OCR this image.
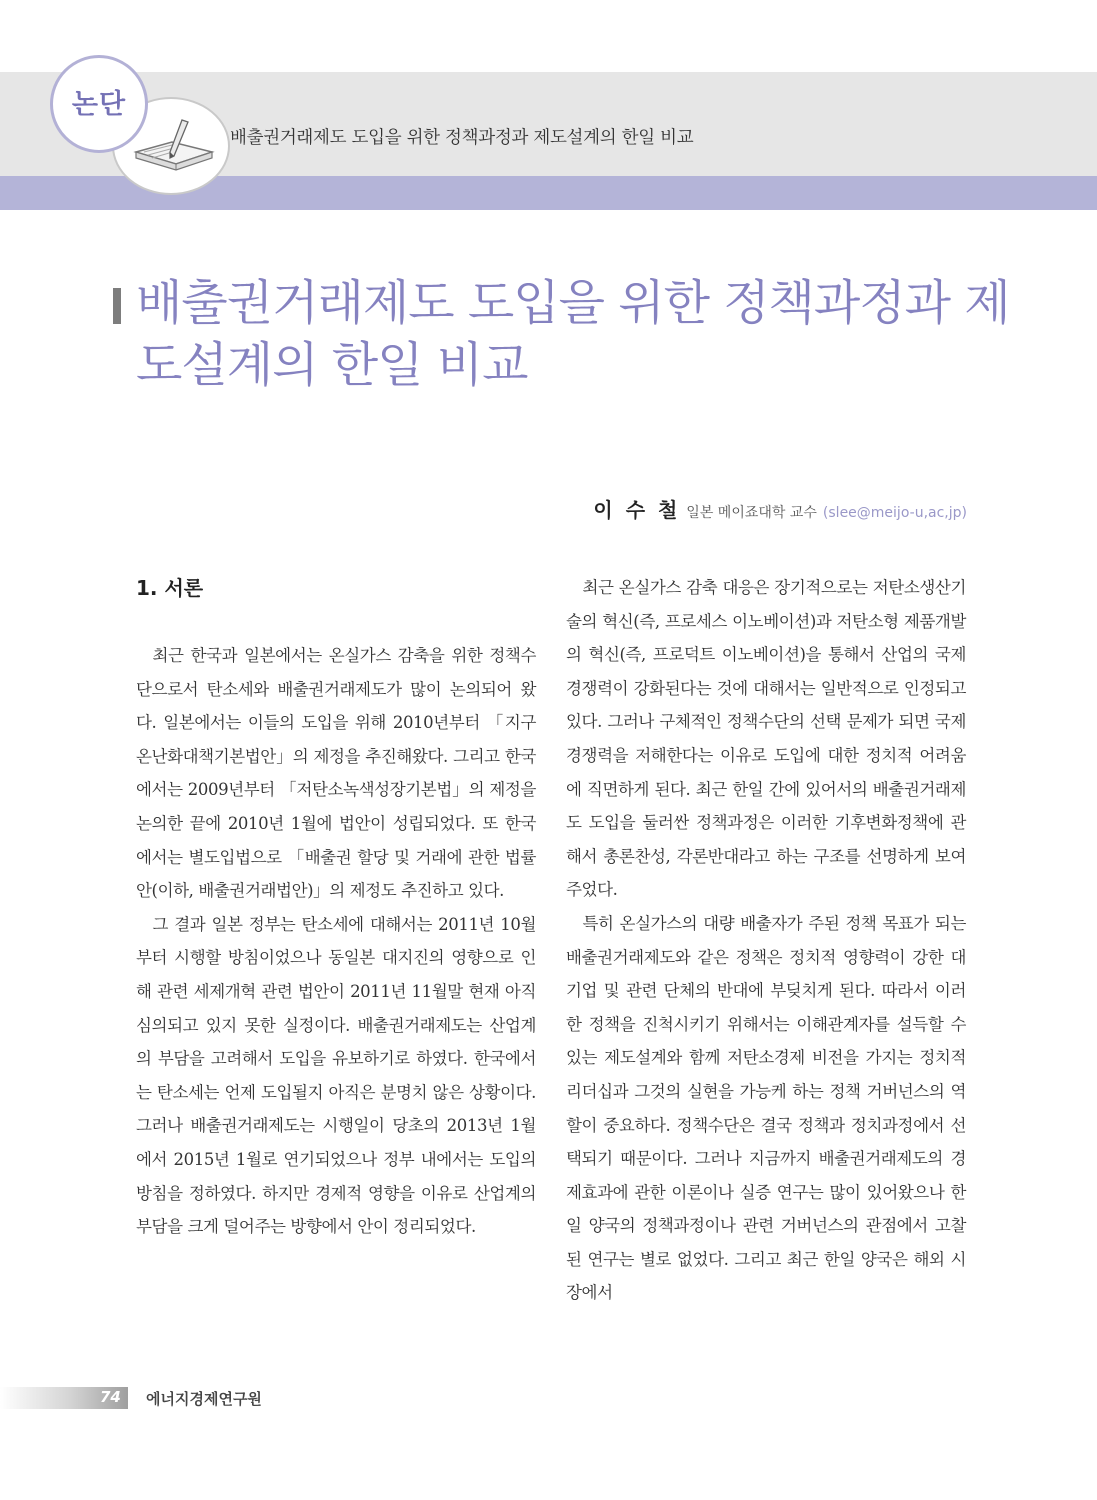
논단
배출권거래제도 도입을 위한 정책과정과 제도설계의 한일 비교
배출권거래제도 도입을 위한 정책과정과 제도설계의 한일 비교
이 수 철 일본 메이죠대학 교수 (slee@meijo-u,ac,jp)
1. 서론

최근 한국과 일본에서는 온실가스 감축을 위한 정책수단으로서 탄소세와 배출권거래제도가 많이 논의되어 왔다. 일본에서는 이들의 도입을 위해 2010년부터 「지구온난화대책기본법안」의 제정을 추진해왔다. 그리고 한국에서는 2009년부터 「저탄소녹색성장기본법」의 제정을 논의한 끝에 2010년 1월에 법안이 성립되었다. 또 한국에서는 별도입법으로 「배출권 할당 및 거래에 관한 법률안(이하, 배출권거래법안)」의 제정도 추진하고 있다.

그 결과 일본 정부는 탄소세에 대해서는 2011년 10월부터 시행할 방침이었으나 동일본 대지진의 영향으로 인해 관련 세제개혁 관련 법안이 2011년 11월말 현재 아직 심의되고 있지 못한 실정이다. 배출권거래제도는 산업계의 부담을 고려해서 도입을 유보하기로 하였다. 한국에서는 탄소세는 언제 도입될지 아직은 분명치 않은 상황이다. 그러나 배출권거래제도는 시행일이 당초의 2013년 1월에서 2015년 1월로 연기되었으나 정부 내에서는 도입의 방침을 정하였다. 하지만 경제적 영향을 이유로 산업계의 부담을 크게 덜어주는 방향에서 안이 정리되었다.

최근 온실가스 감축 대응은 장기적으로는 저탄소생산기술의 혁신(즉, 프로세스 이노베이션)과 저탄소형 제품개발의 혁신(즉, 프로덕트 이노베이션)을 통해서 산업의 국제 경쟁력이 강화된다는 것에 대해서는 일반적으로 인정되고 있다. 그러나 구체적인 정책수단의 선택 문제가 되면 국제 경쟁력을 저해한다는 이유로 도입에 대한 정치적 어려움에 직면하게 된다. 최근 한일 간에 있어서의 배출권거래제도 도입을 둘러싼 정책과정은 이러한 기후변화정책에 관해서 총론찬성, 각론반대라고 하는 구조를 선명하게 보여주었다.

특히 온실가스의 대량 배출자가 주된 정책 목표가 되는 배출권거래제도와 같은 정책은 정치적 영향력이 강한 대기업 및 관련 단체의 반대에 부딪치게 된다. 따라서 이러한 정책을 진척시키기 위해서는 이해관계자를 설득할 수 있는 제도설계와 함께 저탄소경제 비전을 가지는 정치적 리더십과 그것의 실현을 가능케 하는 정책 거버넌스의 역할이 중요하다. 정책수단은 결국 정책과 정치과정에서 선택되기 때문이다. 그러나 지금까지 배출권거래제도의 경제효과에 관한 이론이나 실증 연구는 많이 있어왔으나 한일 양국의 정책과정이나 관련 거버넌스의 관점에서 고찰된 연구는 별로 없었다. 그리고 최근 한일 양국은 해외 시장에서

74 에너지경제연구원
